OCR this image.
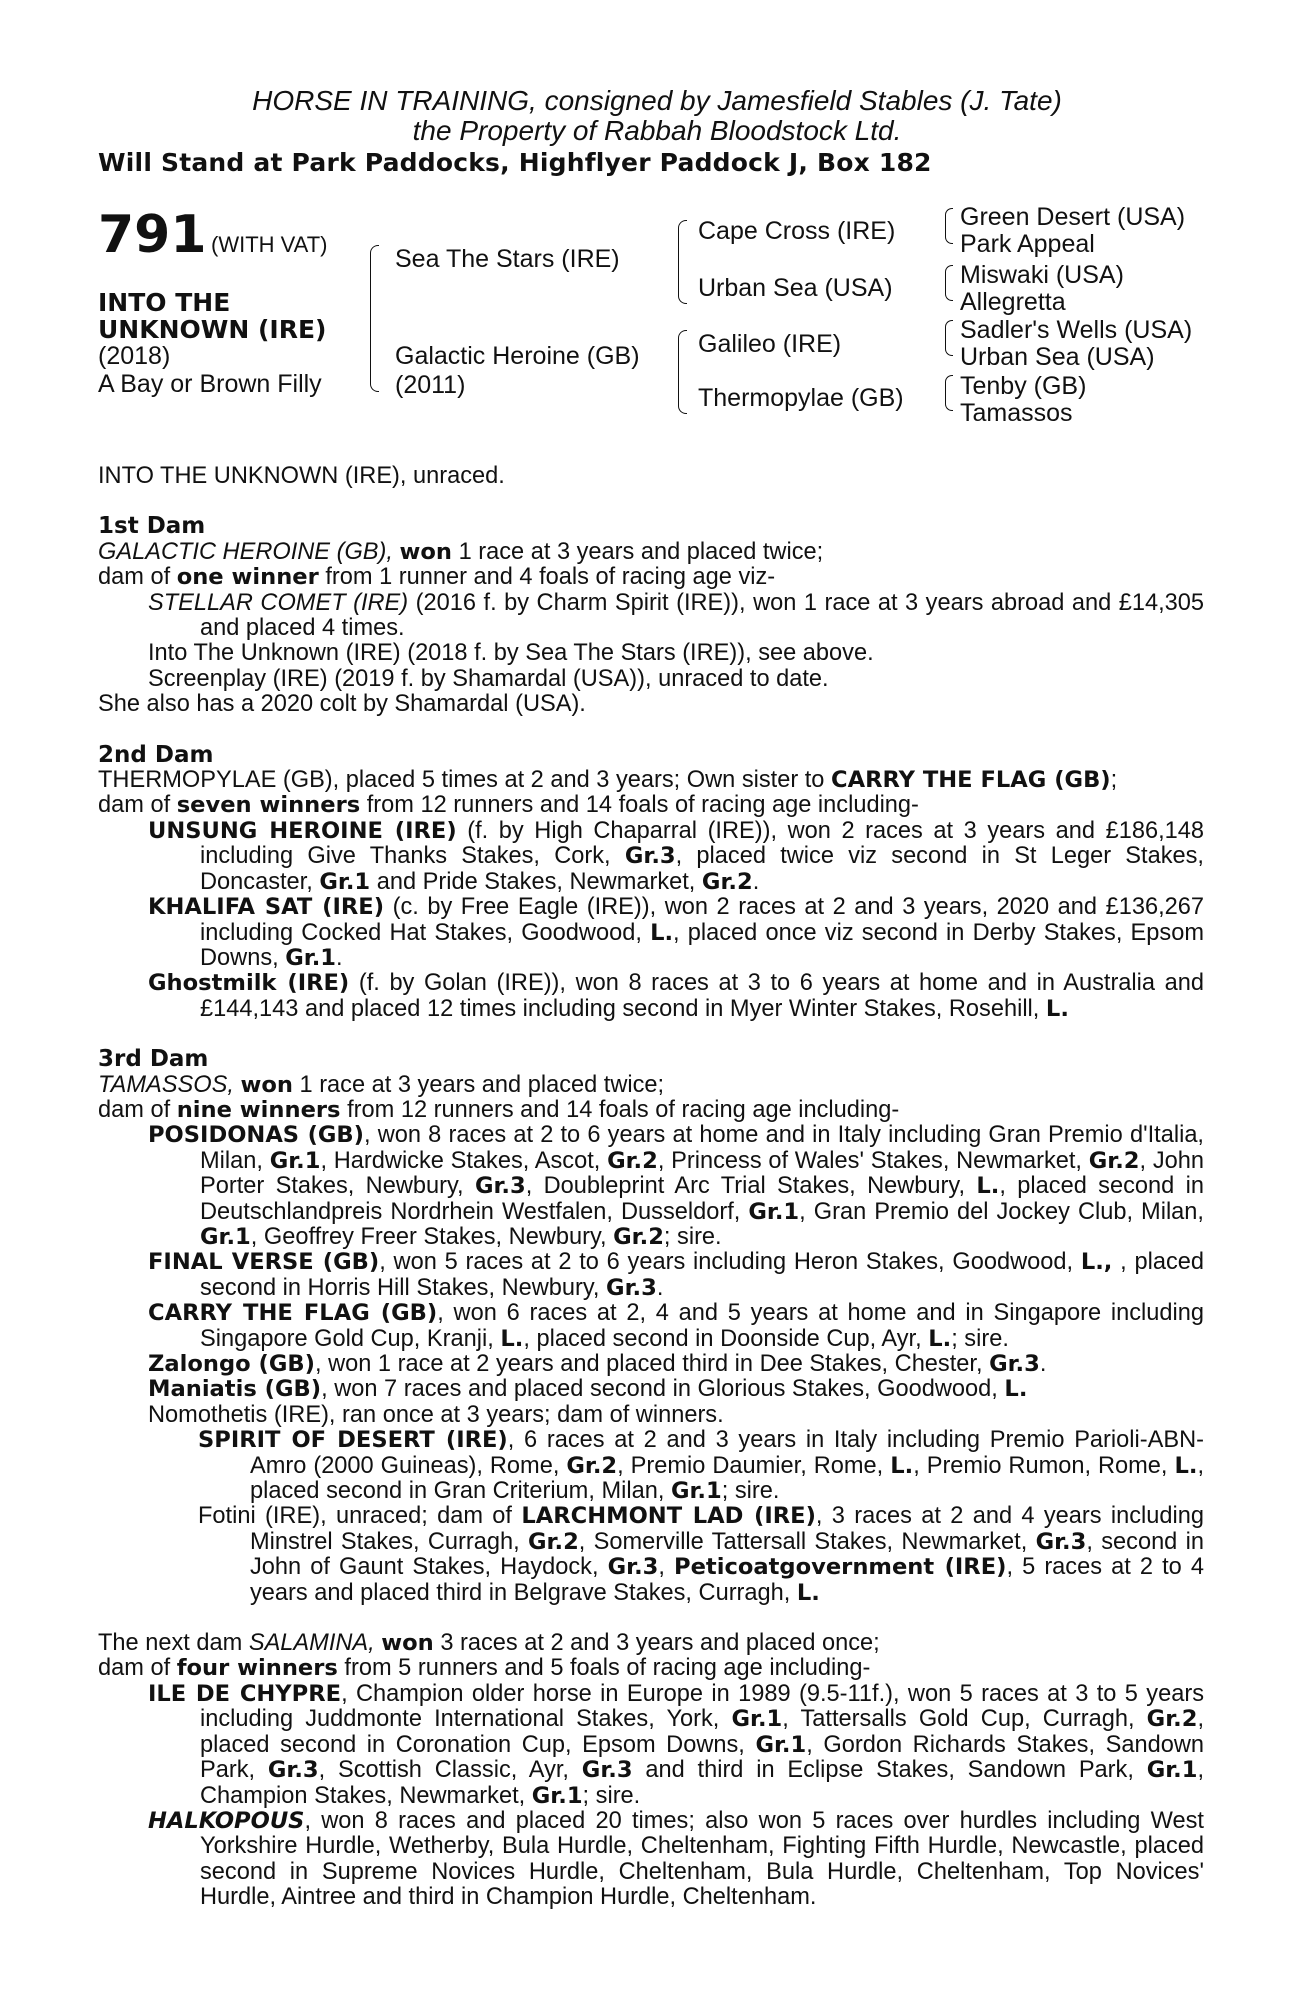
HORSE IN TRAINING, consigned by Jamesfield Stables (J. Tate)
the Property of Rabbah Bloodstock Ltd.
Will Stand at Park Paddocks, Highflyer Paddock J, Box 182
791 (WITH VAT)
INTO THE
UNKNOWN (IRE)
(2018)
A Bay or Brown Filly
Sea The Stars (IRE)
Galactic Heroine (GB)
(2011)
Cape Cross (IRE)
Urban Sea (USA)
Galileo (IRE)
Thermopylae (GB)
Green Desert (USA)
Park Appeal
Miswaki (USA)
Allegretta
Sadler's Wells (USA)
Urban Sea (USA)
Tenby (GB)
Tamassos

INTO THE UNKNOWN (IRE), unraced.

1st Dam

GALACTIC HEROINE (GB), won 1 race at 3 years and placed twice;

dam of one winner from 1 runner and 4 foals of racing age viz-

STELLAR COMET (IRE) (2016 f. by Charm Spirit (IRE)), won 1 race at 3 years abroad and £14,305 and placed 4 times.

Into The Unknown (IRE) (2018 f. by Sea The Stars (IRE)), see above.

Screenplay (IRE) (2019 f. by Shamardal (USA)), unraced to date.

She also has a 2020 colt by Shamardal (USA).

2nd Dam

THERMOPYLAE (GB), placed 5 times at 2 and 3 years; Own sister to CARRY THE FLAG (GB);

dam of seven winners from 12 runners and 14 foals of racing age including-

UNSUNG HEROINE (IRE) (f. by High Chaparral (IRE)), won 2 races at 3 years and £186,148 including Give Thanks Stakes, Cork, Gr.3, placed twice viz second in St Leger Stakes, Doncaster, Gr.1 and Pride Stakes, Newmarket, Gr.2.

KHALIFA SAT (IRE) (c. by Free Eagle (IRE)), won 2 races at 2 and 3 years, 2020 and £136,267 including Cocked Hat Stakes, Goodwood, L., placed once viz second in Derby Stakes, Epsom Downs, Gr.1.

Ghostmilk (IRE) (f. by Golan (IRE)), won 8 races at 3 to 6 years at home and in Australia and £144,143 and placed 12 times including second in Myer Winter Stakes, Rosehill, L.

3rd Dam

TAMASSOS, won 1 race at 3 years and placed twice;

dam of nine winners from 12 runners and 14 foals of racing age including-

POSIDONAS (GB), won 8 races at 2 to 6 years at home and in Italy including Gran Premio d'Italia, Milan, Gr.1, Hardwicke Stakes, Ascot, Gr.2, Princess of Wales' Stakes, Newmarket, Gr.2, John Porter Stakes, Newbury, Gr.3, Doubleprint Arc Trial Stakes, Newbury, L., placed second in Deutschlandpreis Nordrhein Westfalen, Dusseldorf, Gr.1, Gran Premio del Jockey Club, Milan, Gr.1, Geoffrey Freer Stakes, Newbury, Gr.2; sire.

FINAL VERSE (GB), won 5 races at 2 to 6 years including Heron Stakes, Goodwood, L., , placed second in Horris Hill Stakes, Newbury, Gr.3.

CARRY THE FLAG (GB), won 6 races at 2, 4 and 5 years at home and in Singapore including Singapore Gold Cup, Kranji, L., placed second in Doonside Cup, Ayr, L.; sire.

Zalongo (GB), won 1 race at 2 years and placed third in Dee Stakes, Chester, Gr.3.

Maniatis (GB), won 7 races and placed second in Glorious Stakes, Goodwood, L.

Nomothetis (IRE), ran once at 3 years; dam of winners.

SPIRIT OF DESERT (IRE), 6 races at 2 and 3 years in Italy including Premio Parioli-ABN-Amro (2000 Guineas), Rome, Gr.2, Premio Daumier, Rome, L., Premio Rumon, Rome, L., placed second in Gran Criterium, Milan, Gr.1; sire.

Fotini (IRE), unraced; dam of LARCHMONT LAD (IRE), 3 races at 2 and 4 years including Minstrel Stakes, Curragh, Gr.2, Somerville Tattersall Stakes, Newmarket, Gr.3, second in John of Gaunt Stakes, Haydock, Gr.3, Peticoatgovernment (IRE), 5 races at 2 to 4 years and placed third in Belgrave Stakes, Curragh, L.

The next dam SALAMINA, won 3 races at 2 and 3 years and placed once;

dam of four winners from 5 runners and 5 foals of racing age including-

ILE DE CHYPRE, Champion older horse in Europe in 1989 (9.5-11f.), won 5 races at 3 to 5 years including Juddmonte International Stakes, York, Gr.1, Tattersalls Gold Cup, Curragh, Gr.2, placed second in Coronation Cup, Epsom Downs, Gr.1, Gordon Richards Stakes, Sandown Park, Gr.3, Scottish Classic, Ayr, Gr.3 and third in Eclipse Stakes, Sandown Park, Gr.1, Champion Stakes, Newmarket, Gr.1; sire.

HALKOPOUS, won 8 races and placed 20 times; also won 5 races over hurdles including West Yorkshire Hurdle, Wetherby, Bula Hurdle, Cheltenham, Fighting Fifth Hurdle, Newcastle, placed second in Supreme Novices Hurdle, Cheltenham, Bula Hurdle, Cheltenham, Top Novices' Hurdle, Aintree and third in Champion Hurdle, Cheltenham.
